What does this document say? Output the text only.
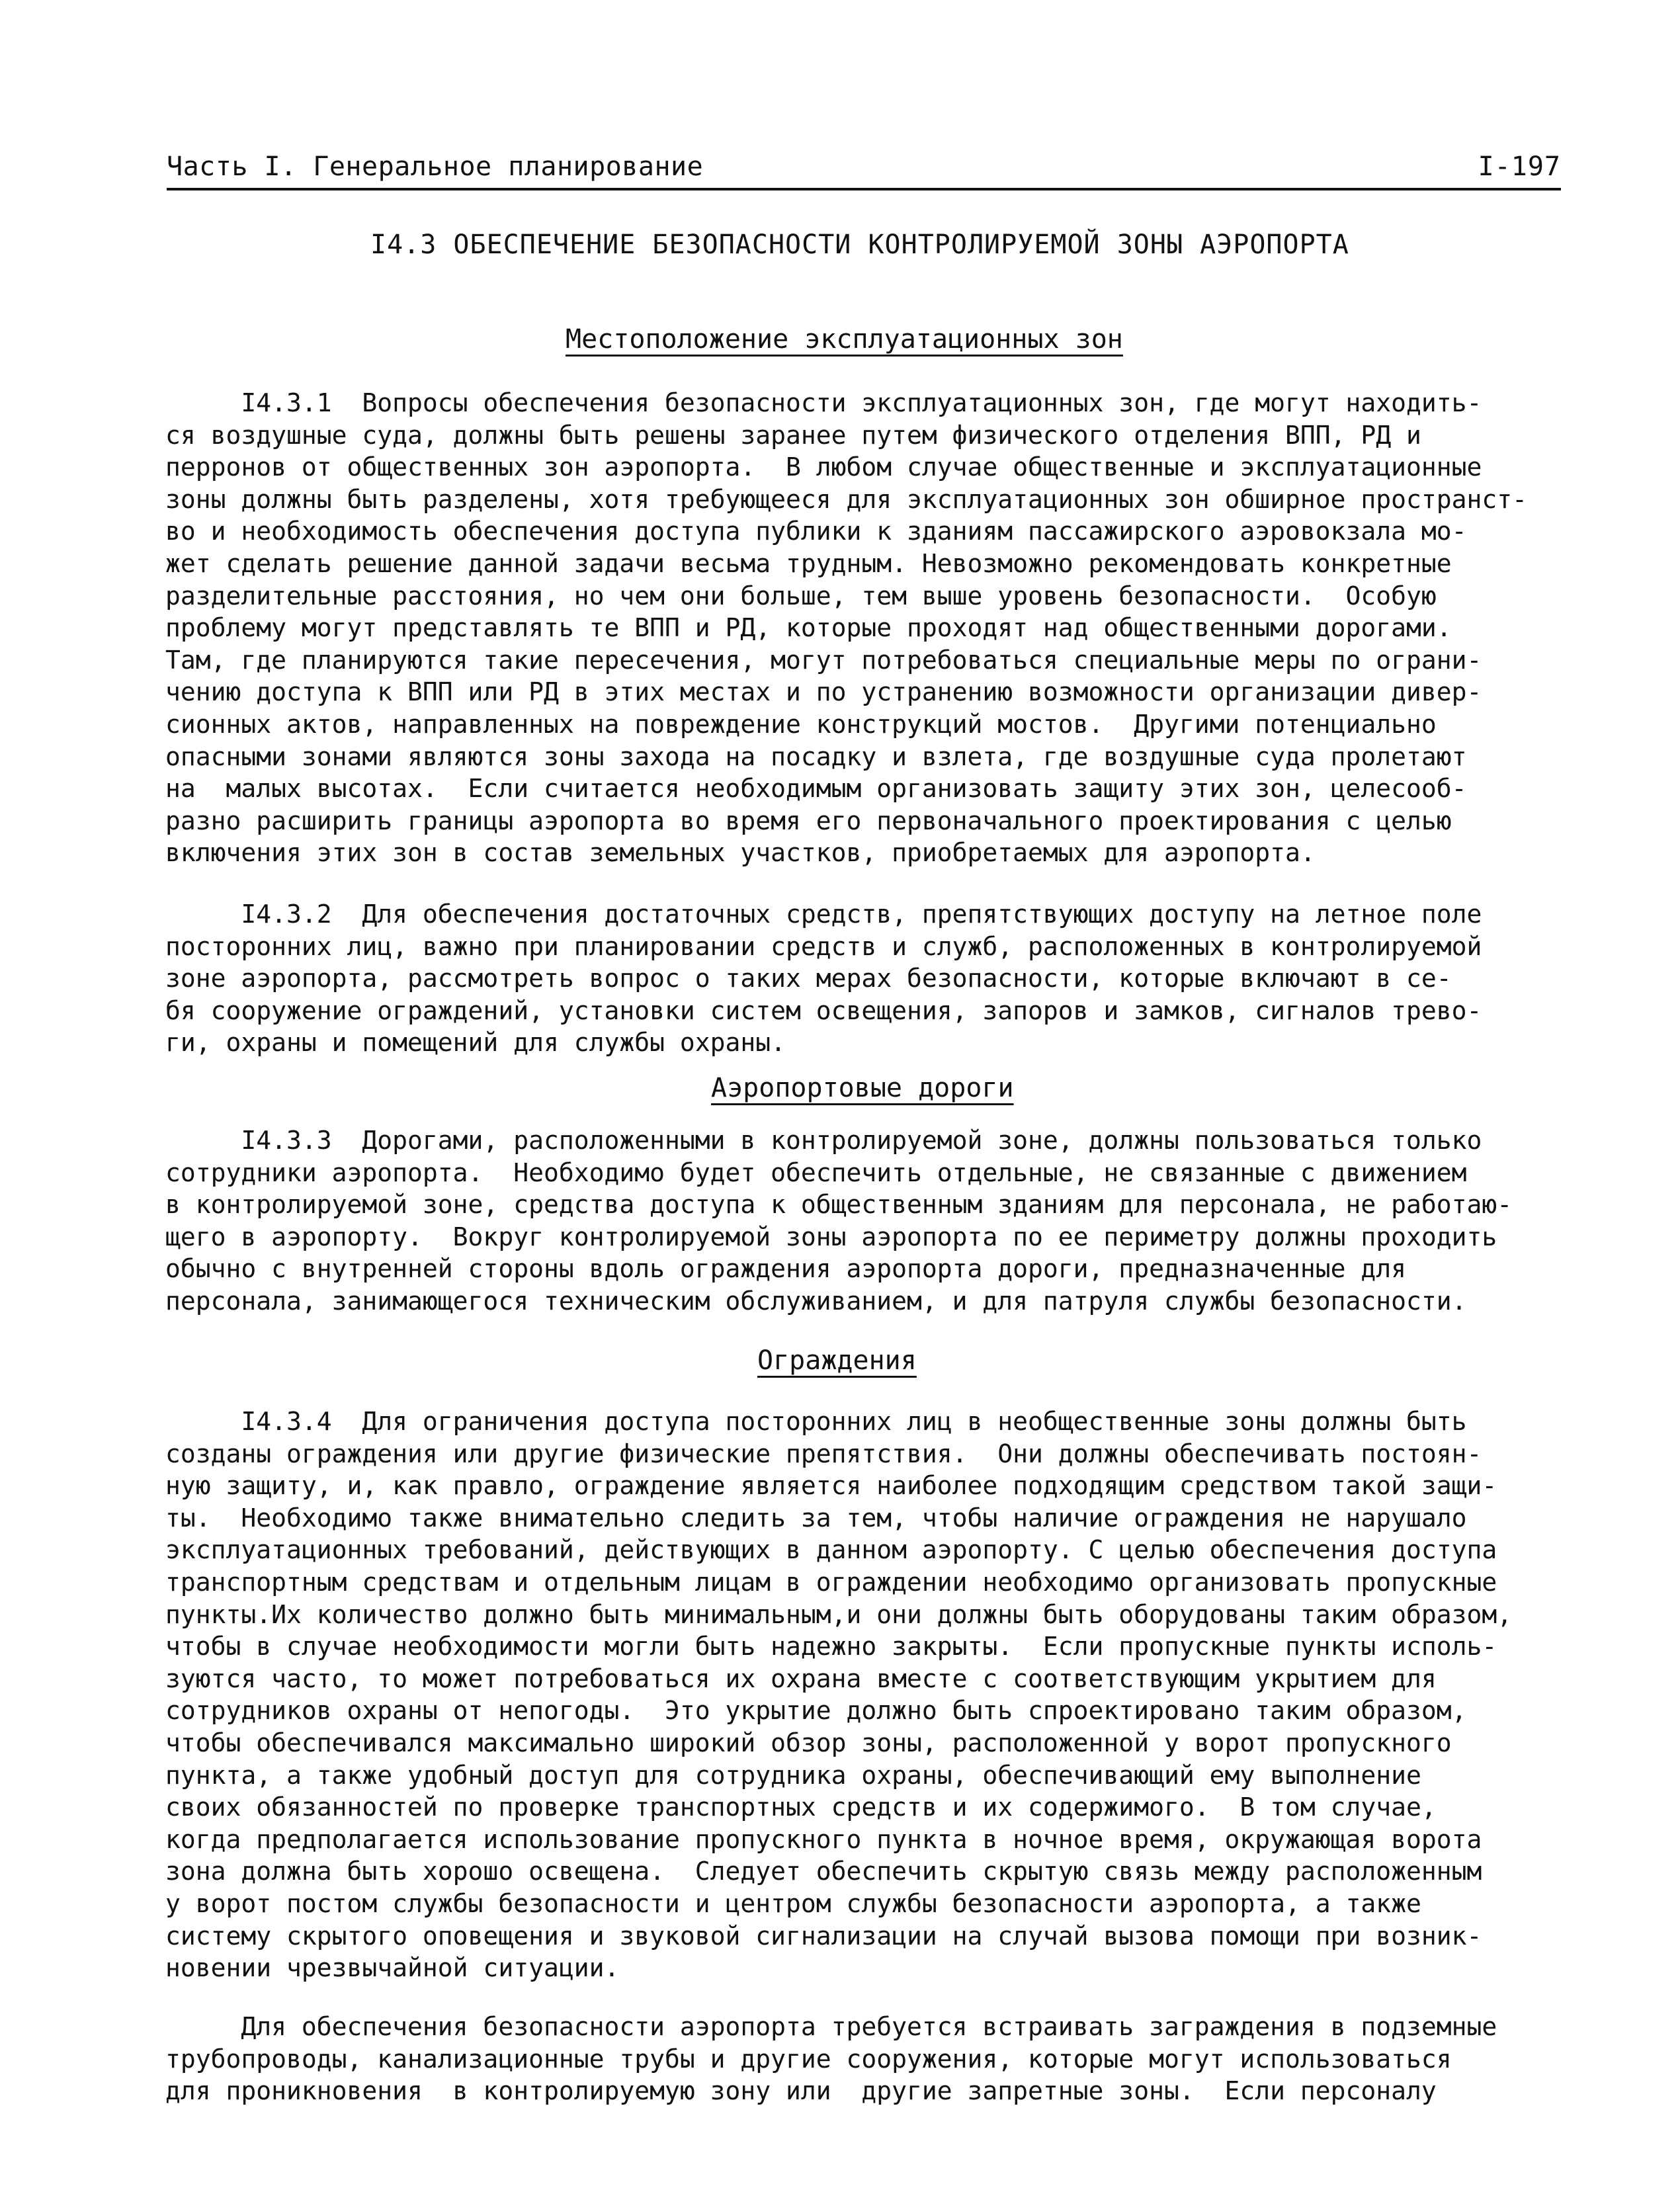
Часть I. Генеральное планирование	I-197
I4.3 ОБЕСПЕЧЕНИЕ БЕЗОПАСНОСТИ КОНТРОЛИРУЕМОЙ ЗОНЫ АЭРОПОРТА
Местоположение эксплуатационных зон
I4.3.1  Вопросы обеспечения безопасности эксплуатационных зон, где могут находить-
ся воздушные суда, должны быть решены заранее путем физического отделения ВПП, РД и
перронов от общественных зон аэропорта.  В любом случае общественные и эксплуатационные
зоны должны быть разделены, хотя требующееся для эксплуатационных зон обширное пространст-
во и необходимость обеспечения доступа публики к зданиям пассажирского аэровокзала мо-
жет сделать решение данной задачи весьма трудным. Невозможно рекомендовать конкретные
разделительные расстояния, но чем они больше, тем выше уровень безопасности.  Особую
проблему могут представлять те ВПП и РД, которые проходят над общественными дорогами.
Там, где планируются такие пересечения, могут потребоваться специальные меры по ограни-
чению доступа к ВПП или РД в этих местах и по устранению возможности организации дивер-
сионных актов, направленных на повреждение конструкций мостов.  Другими потенциально
опасными зонами являются зоны захода на посадку и взлета, где воздушные суда пролетают
на  малых высотах.  Если считается необходимым организовать защиту этих зон, целесооб-
разно расширить границы аэропорта во время его первоначального проектирования с целью
включения этих зон в состав земельных участков, приобретаемых для аэропорта.
I4.3.2  Для обеспечения достаточных средств, препятствующих доступу на летное поле
посторонних лиц, важно при планировании средств и служб, расположенных в контролируемой
зоне аэропорта, рассмотреть вопрос о таких мерах безопасности, которые включают в се-
бя сооружение ограждений, установки систем освещения, запоров и замков, сигналов трево-
ги, охраны и помещений для службы охраны.
Аэропортовые дороги
I4.3.3  Дорогами, расположенными в контролируемой зоне, должны пользоваться только
сотрудники аэропорта.  Необходимо будет обеспечить отдельные, не связанные с движением
в контролируемой зоне, средства доступа к общественным зданиям для персонала, не работаю-
щего в аэропорту.  Вокруг контролируемой зоны аэропорта по ее периметру должны проходить
обычно с внутренней стороны вдоль ограждения аэропорта дороги, предназначенные для
персонала, занимающегося техническим обслуживанием, и для патруля службы безопасности.
Ограждения
I4.3.4  Для ограничения доступа посторонних лиц в необщественные зоны должны быть
созданы ограждения или другие физические препятствия.  Они должны обеспечивать постоян-
ную защиту, и, как правло, ограждение является наиболее подходящим средством такой защи-
ты.  Необходимо также внимательно следить за тем, чтобы наличие ограждения не нарушало
эксплуатационных требований, действующих в данном аэропорту. С целью обеспечения доступа
транспортным средствам и отдельным лицам в ограждении необходимо организовать пропускные
пункты.Их количество должно быть минимальным,и они должны быть оборудованы таким образом,
чтобы в случае необходимости могли быть надежно закрыты.  Если пропускные пункты исполь-
зуются часто, то может потребоваться их охрана вместе с соответствующим укрытием для
сотрудников охраны от непогоды.  Это укрытие должно быть спроектировано таким образом,
чтобы обеспечивался максимально широкий обзор зоны, расположенной у ворот пропускного
пункта, а также удобный доступ для сотрудника охраны, обеспечивающий ему выполнение
своих обязанностей по проверке транспортных средств и их содержимого.  В том случае,
когда предполагается использование пропускного пункта в ночное время, окружающая ворота
зона должна быть хорошо освещена.  Следует обеспечить скрытую связь между расположенным
у ворот постом службы безопасности и центром службы безопасности аэропорта, а также
систему скрытого оповещения и звуковой сигнализации на случай вызова помощи при возник-
новении чрезвычайной ситуации.
Для обеспечения безопасности аэропорта требуется встраивать заграждения в подземные
трубопроводы, канализационные трубы и другие сооружения, которые могут использоваться
для проникновения  в контролируемую зону или  другие запретные зоны.  Если персоналу
